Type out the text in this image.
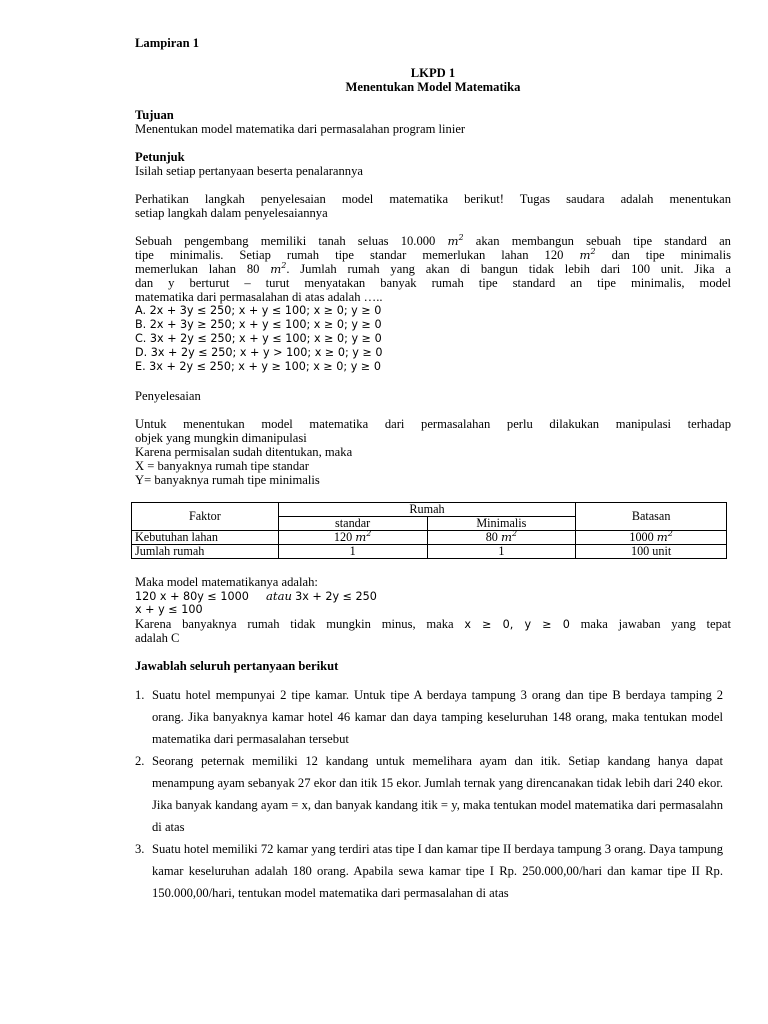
Lampiran 1
LKPD 1
Menentukan Model Matematika
Tujuan
Menentukan model matematika dari permasalahan program linier
Petunjuk
Isilah setiap pertanyaan beserta penalarannya
Perhatikan langkah penyelesaian model matematika berikut! Tugas saudara adalah menentukan
setiap langkah dalam penyelesaiannya
Sebuah pengembang memiliki tanah seluas 10.000 $m^2$ akan membangun sebuah tipe standard an
tipe minimalis. Setiap rumah tipe standar memerlukan lahan 120 $m^2$ dan tipe minimalis
memerlukan lahan 80 $m^2$. Jumlah rumah yang akan di bangun tidak lebih dari 100 unit. Jika a
dan y berturut – turut menyatakan banyak rumah tipe standard an tipe minimalis, model
matematika dari permasalahan di atas adalah …..
A. 2x + 3y ≤ 250; x + y ≤ 100; x ≥ 0; y ≥ 0
B. 2x + 3y ≥ 250; x + y ≤ 100; x ≥ 0; y ≥ 0
C. 3x + 2y ≤ 250; x + y ≤ 100; x ≥ 0; y ≥ 0
D. 3x + 2y ≤ 250; x + y > 100; x ≥ 0; y ≥ 0
E. 3x + 2y ≤ 250; x + y ≥ 100; x ≥ 0; y ≥ 0
Penyelesaian
Untuk menentukan model matematika dari permasalahan perlu dilakukan manipulasi terhadap
objek yang mungkin dimanipulasi
Karena permisalan sudah ditentukan, maka
X = banyaknya rumah tipe standar
Y= banyaknya rumah tipe minimalis
Faktor	Rumah		Batasan
	standar	Minimalis	
Kebutuhan lahan	120 $m^2$	80 $m^2$	1000 $m^2$
Jumlah rumah	1	1	100 unit
Maka model matematikanya adalah:
120 x + 80y ≤ 1000 atau 3x + 2y ≤ 250
x + y ≤ 100
Karena banyaknya rumah tidak mungkin minus, maka x ≥ 0, y ≥ 0 maka jawaban yang tepat
adalah C
Jawablah seluruh pertanyaan berikut
1. Suatu hotel mempunyai 2 tipe kamar. Untuk tipe A berdaya tampung 3 orang dan tipe B berdaya tamping 2 orang. Jika banyaknya kamar hotel 46 kamar dan daya tamping keseluruhan 148 orang, maka tentukan model matematika dari permasalahan tersebut
2. Seorang peternak memiliki 12 kandang untuk memelihara ayam dan itik. Setiap kandang hanya dapat menampung ayam sebanyak 27 ekor dan itik 15 ekor. Jumlah ternak yang direncanakan tidak lebih dari 240 ekor. Jika banyak kandang ayam = x, dan banyak kandang itik = y, maka tentukan model matematika dari permasalahn di atas
3. Suatu hotel memiliki 72 kamar yang terdiri atas tipe I dan kamar tipe II berdaya tampung 3 orang. Daya tampung kamar keseluruhan adalah 180 orang. Apabila sewa kamar tipe I Rp. 250.000,00/hari dan kamar tipe II Rp. 150.000,00/hari, tentukan model matematika dari permasalahan di atas
